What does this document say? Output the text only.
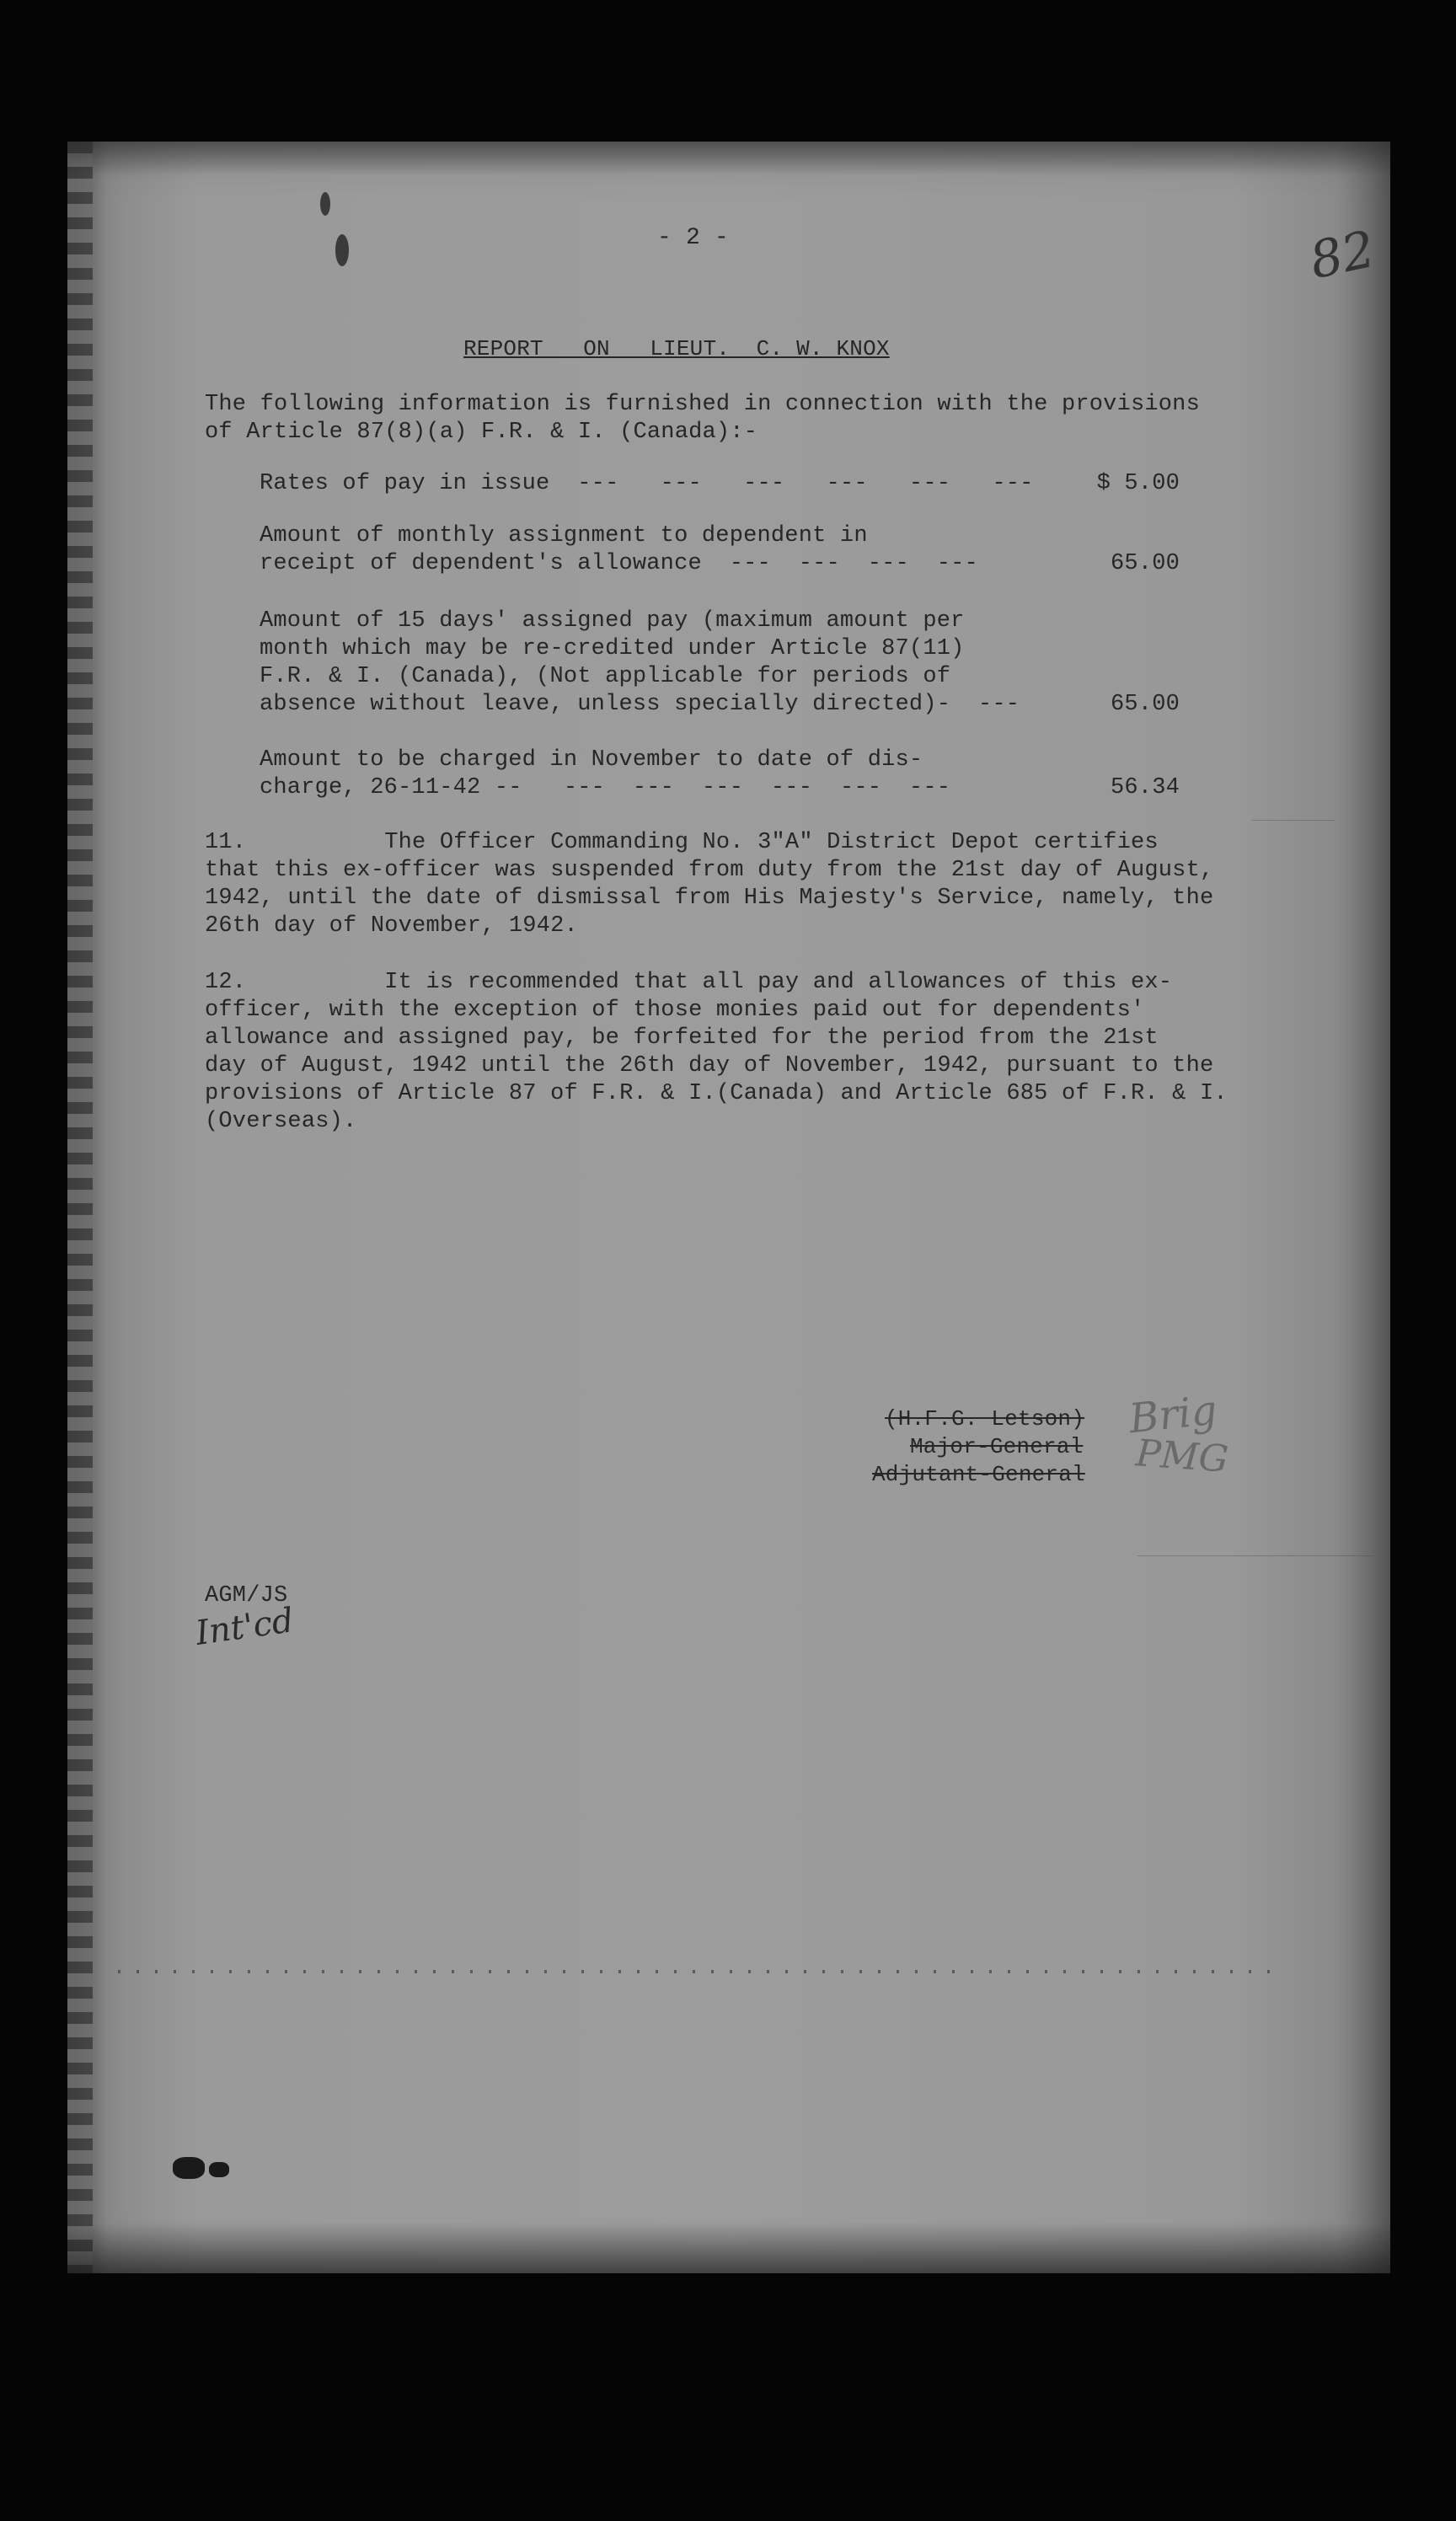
82
- 2 -
REPORT   ON   LIEUT.  C. W. KNOX
The following information is furnished in connection with the provisions
of Article 87(8)(a) F.R. & I. (Canada):-
Rates of pay in issue  ---   ---   ---   ---   ---   ---	$ 5.00
Amount of monthly assignment to dependent in
receipt of dependent's allowance  ---  ---  ---  ---	65.00
Amount of 15 days' assigned pay (maximum amount per
month which may be re-credited under Article 87(11)
F.R. & I. (Canada), (Not applicable for periods of
absence without leave, unless specially directed)-  ---	65.00
Amount to be charged in November to date of dis-
charge, 26-11-42 --   ---  ---  ---  ---  ---  ---	56.34
11.          The Officer Commanding No. 3"A" District Depot certifies
that this ex-officer was suspended from duty from the 21st day of August,
1942, until the date of dismissal from His Majesty's Service, namely, the
26th day of November, 1942.
12.          It is recommended that all pay and allowances of this ex-
officer, with the exception of those monies paid out for dependents'
allowance and assigned pay, be forfeited for the period from the 21st
day of August, 1942 until the 26th day of November, 1942, pursuant to the
provisions of Article 87 of F.R. & I.(Canada) and Article 685 of F.R. & I.
(Overseas).
(H.F.G. Letson)
Major-General
Adjutant-General
Brig
PMG
AGM/JS
Int'cd
